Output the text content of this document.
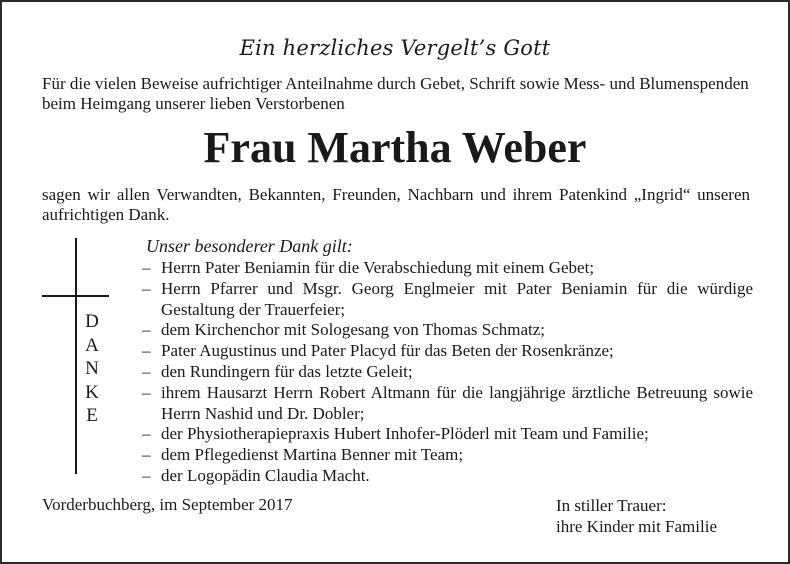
Ein herzliches Vergelt’s Gott
Für die vielen Beweise aufrichtiger Anteilnahme durch Gebet, Schrift sowie Mess- und Blumenspenden beim Heimgang unserer lieben Verstorbenen
Frau Martha Weber
sagen wir allen Verwandten, Bekannten, Freunden, Nachbarn und ihrem Patenkind „Ingrid“ unseren aufrichtigen Dank.
D
A
N
K
E
Unser besonderer Dank gilt:
– Herrn Pater Beniamin für die Verabschiedung mit einem Gebet;
– Herrn Pfarrer und Msgr. Georg Englmeier mit Pater Beniamin für die würdige Gestaltung der Trauerfeier;
– dem Kirchenchor mit Sologesang von Thomas Schmatz;
– Pater Augustinus und Pater Placyd für das Beten der Rosenkränze;
– den Rundingern für das letzte Geleit;
– ihrem Hausarzt Herrn Robert Altmann für die langjährige ärztliche Betreuung sowie Herrn Nashid und Dr. Dobler;
– der Physiotherapiepraxis Hubert Inhofer-Plöderl mit Team und Familie;
– dem Pflegedienst Martina Benner mit Team;
– der Logopädin Claudia Macht.
Vorderbuchberg, im September 2017	In stiller Trauer:
ihre Kinder mit Familie
